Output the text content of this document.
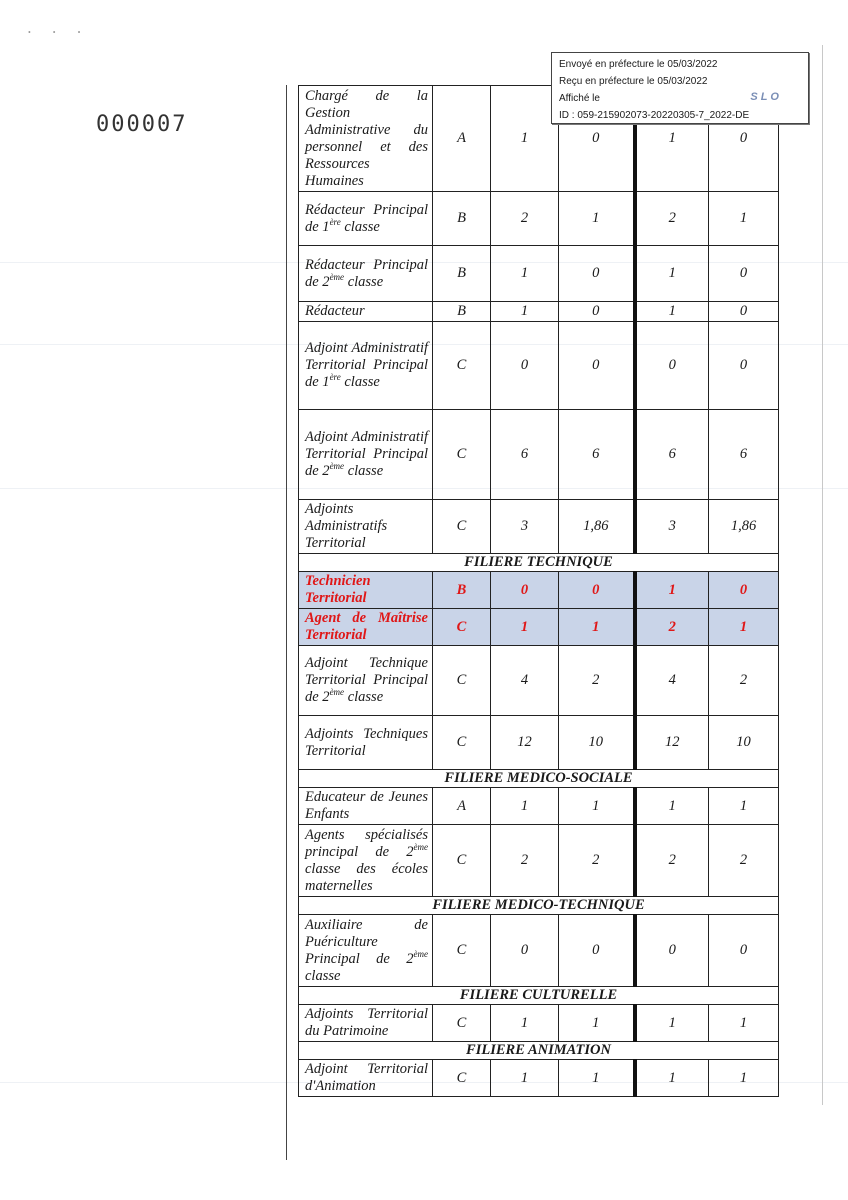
• • •
000007
Envoyé en préfecture le 05/03/2022
Reçu en préfecture le 05/03/2022
Affiché le
ID : 059-215902073-20220305-7_2022-DE
SLO
Chargé de la Gestion Administrative du personnel et des Ressources Humaines	A	1	0	1	0
Rédacteur Principal de 1ère classe	B	2	1	2	1
Rédacteur Principal de 2ème classe	B	1	0	1	0
Rédacteur	B	1	0	1	0
Adjoint Administratif Territorial Principal de 1ère classe	C	0	0	0	0
Adjoint Administratif Territorial Principal de 2ème classe	C	6	6	6	6
Adjoints Administratifs Territorial	C	3	1,86	3	1,86
FILIERE TECHNIQUE					
Technicien Territorial	B	0	0	1	0
Agent de Maîtrise Territorial	C	1	1	2	1
Adjoint Technique Territorial Principal de 2ème classe	C	4	2	4	2
Adjoints Techniques Territorial	C	12	10	12	10
FILIERE MEDICO-SOCIALE					
Educateur de Jeunes Enfants	A	1	1	1	1
Agents spécialisés principal de 2ème classe des écoles maternelles	C	2	2	2	2
FILIERE MEDICO-TECHNIQUE					
Auxiliaire de Puériculture Principal de 2ème classe	C	0	0	0	0
FILIERE CULTURELLE					
Adjoints Territorial du Patrimoine	C	1	1	1	1
FILIERE ANIMATION					
Adjoint Territorial d'Animation	C	1	1	1	1
